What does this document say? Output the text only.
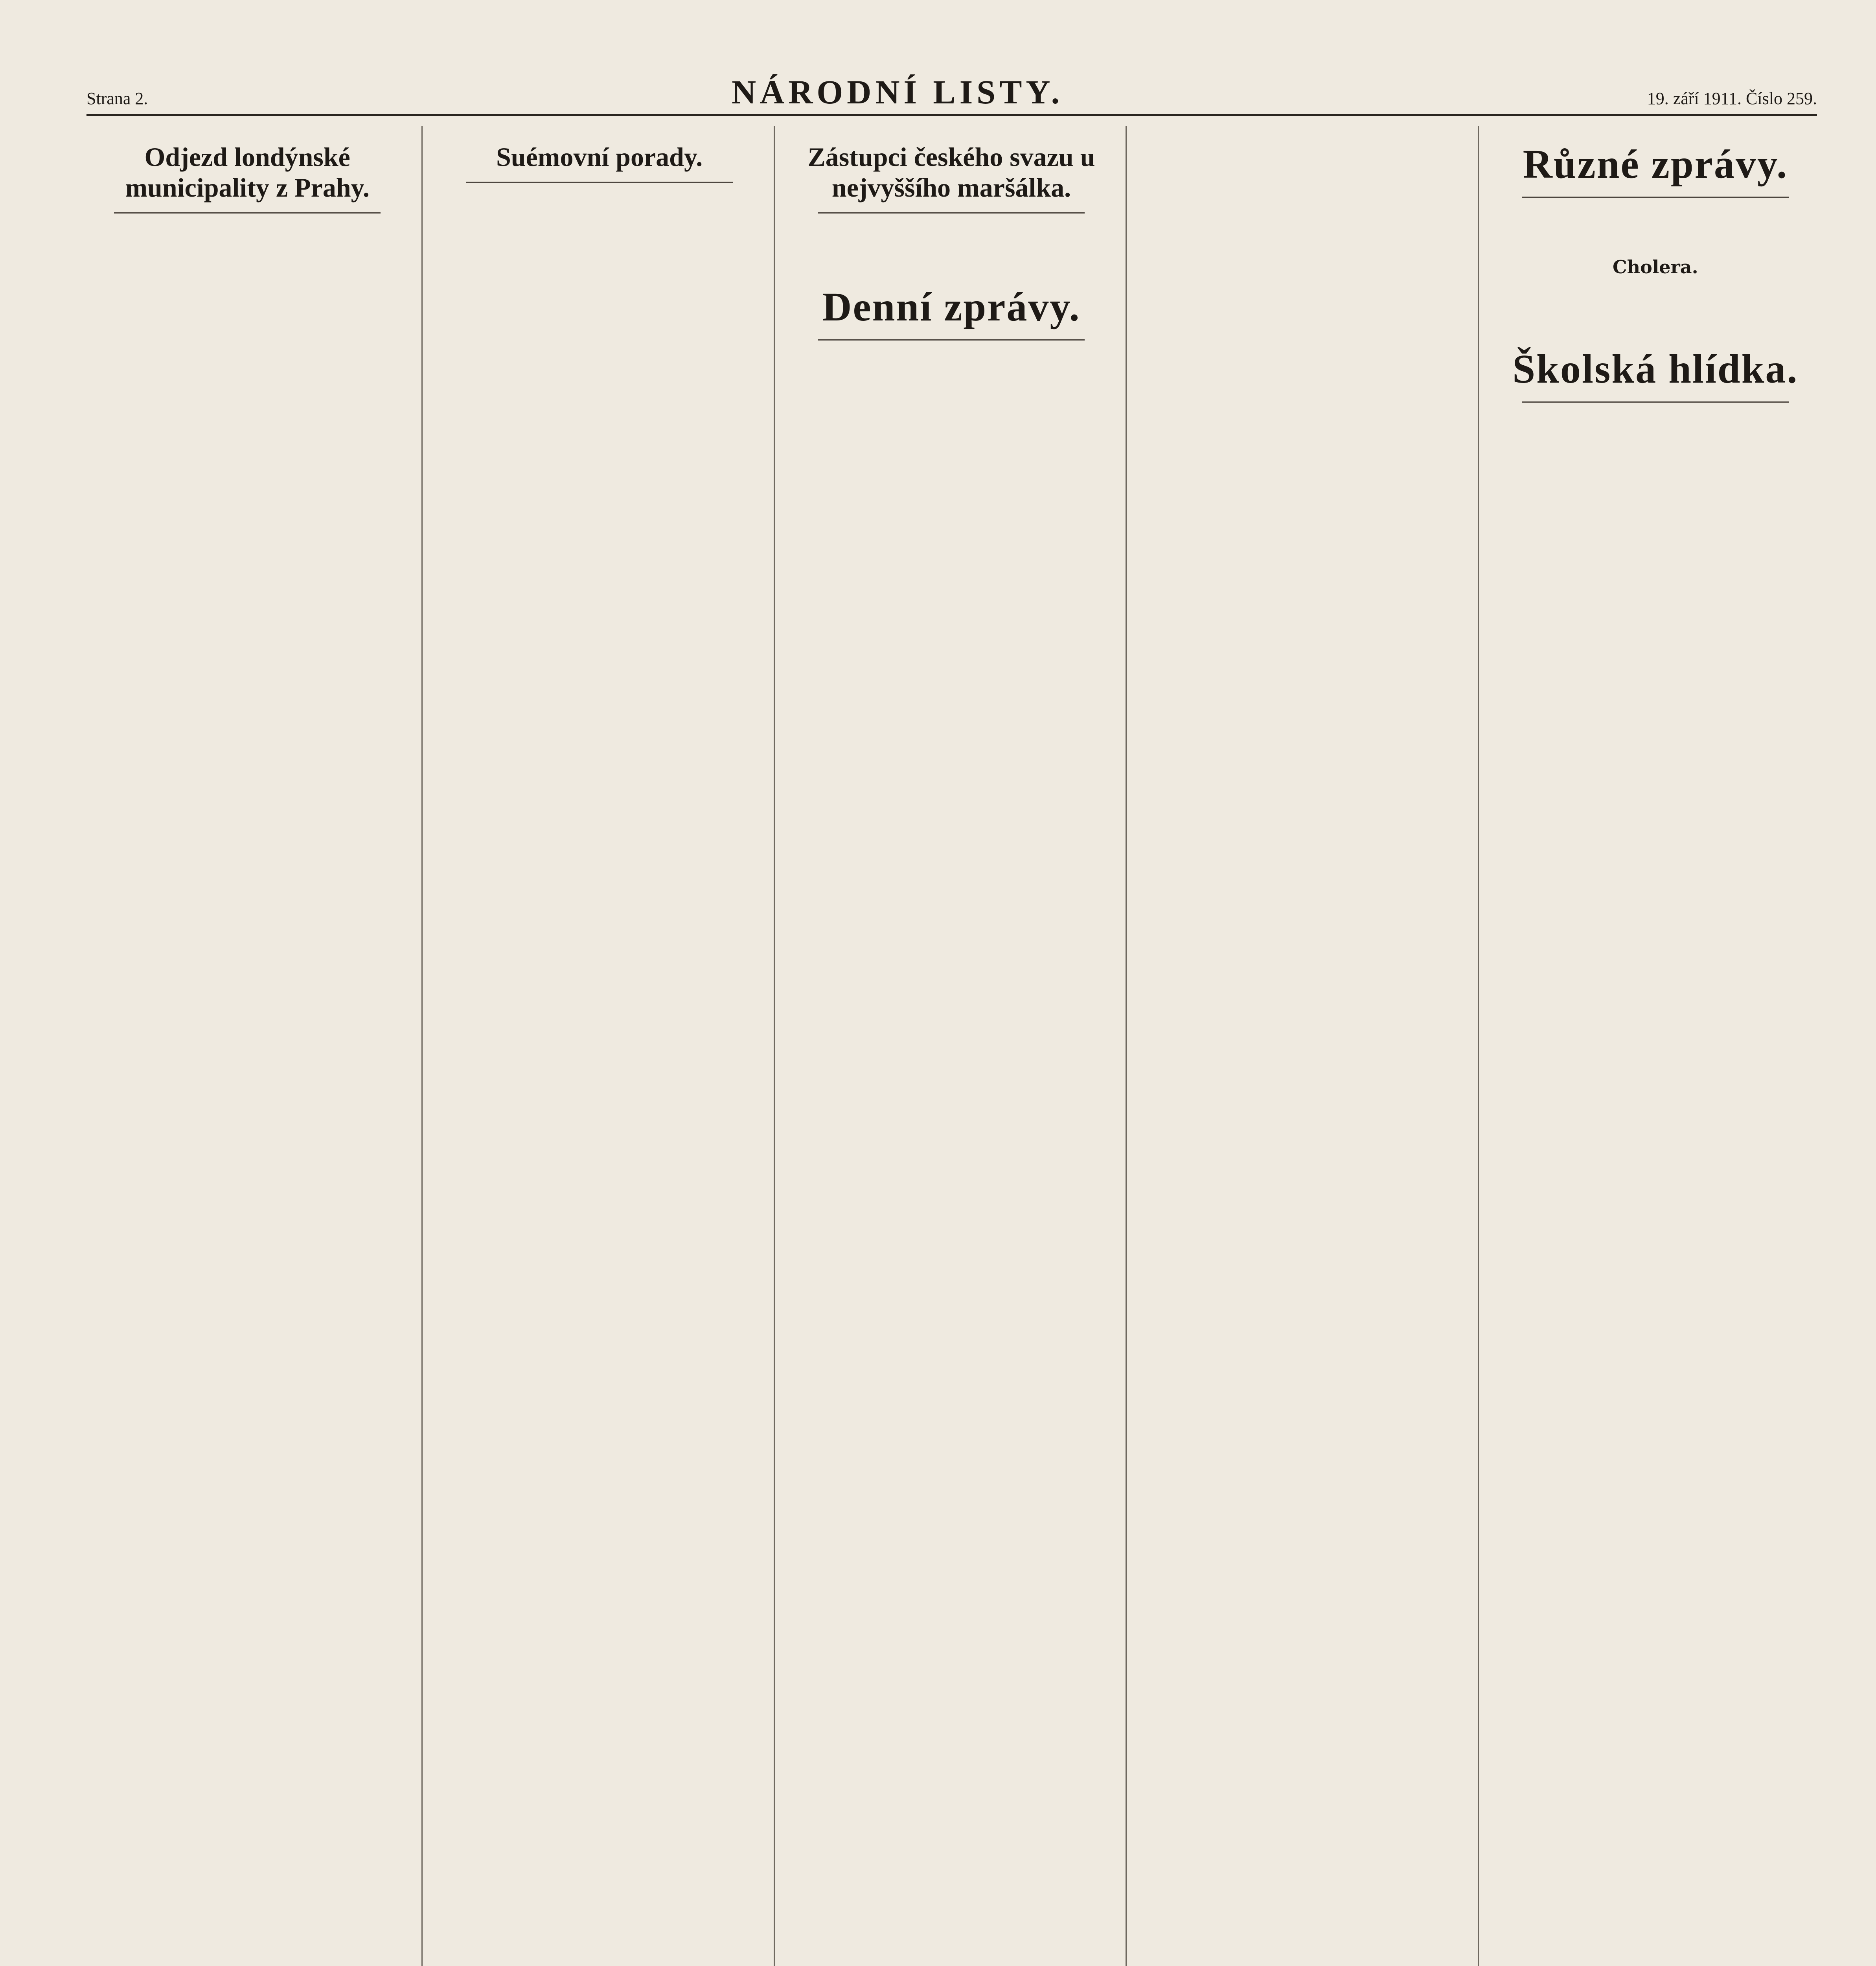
Strana 2.	NÁRODNÍ LISTY.	19. září 1911. Číslo 259.
Odjezd londýnské municipality z Prahy.
Suémovní porady.	Zástupci českého svazu u nejvyššího maršálka.
Denní zprávy.
Různé zprávy.
Cholera.
Školská hlídka.
